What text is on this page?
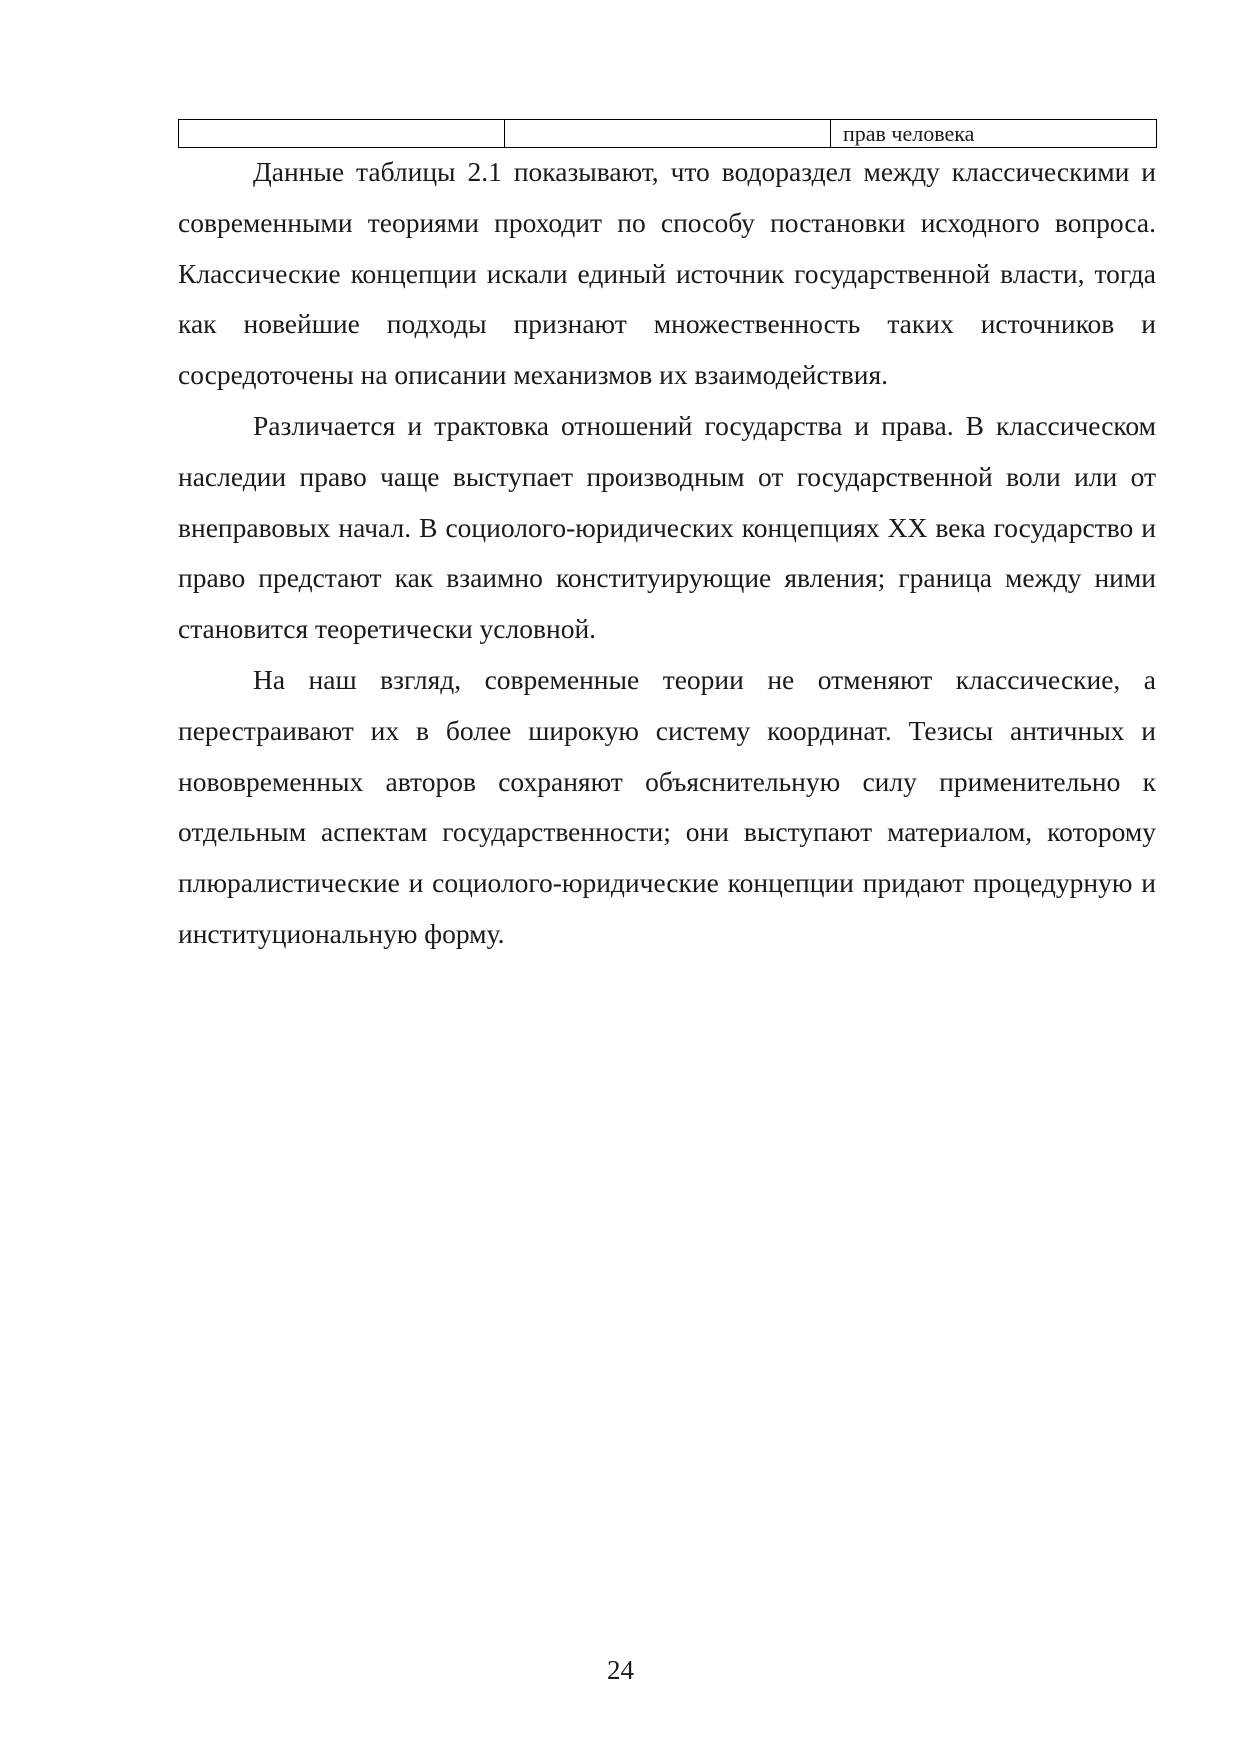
		прав человека

Данные таблицы 2.1 показывают, что водораздел между классическими и современными теориями проходит по способу постановки исходного вопроса. Классические концепции искали единый источник государственной власти, тогда как новейшие подходы признают множественность таких источников и сосредоточены на описании механизмов их взаимодействия.

Различается и трактовка отношений государства и права. В классическом наследии право чаще выступает производным от государственной воли или от внеправовых начал. В социолого-юридических концепциях XX века государство и право предстают как взаимно конституирующие явления; граница между ними становится теоретически условной.

На наш взгляд, современные теории не отменяют классические, а перестраивают их в более широкую систему координат. Тезисы античных и нововременных авторов сохраняют объяснительную силу применительно к отдельным аспектам государственности; они выступают материалом, которому плюралистические и социолого-юридические концепции придают процедурную и институциональную форму.

24
